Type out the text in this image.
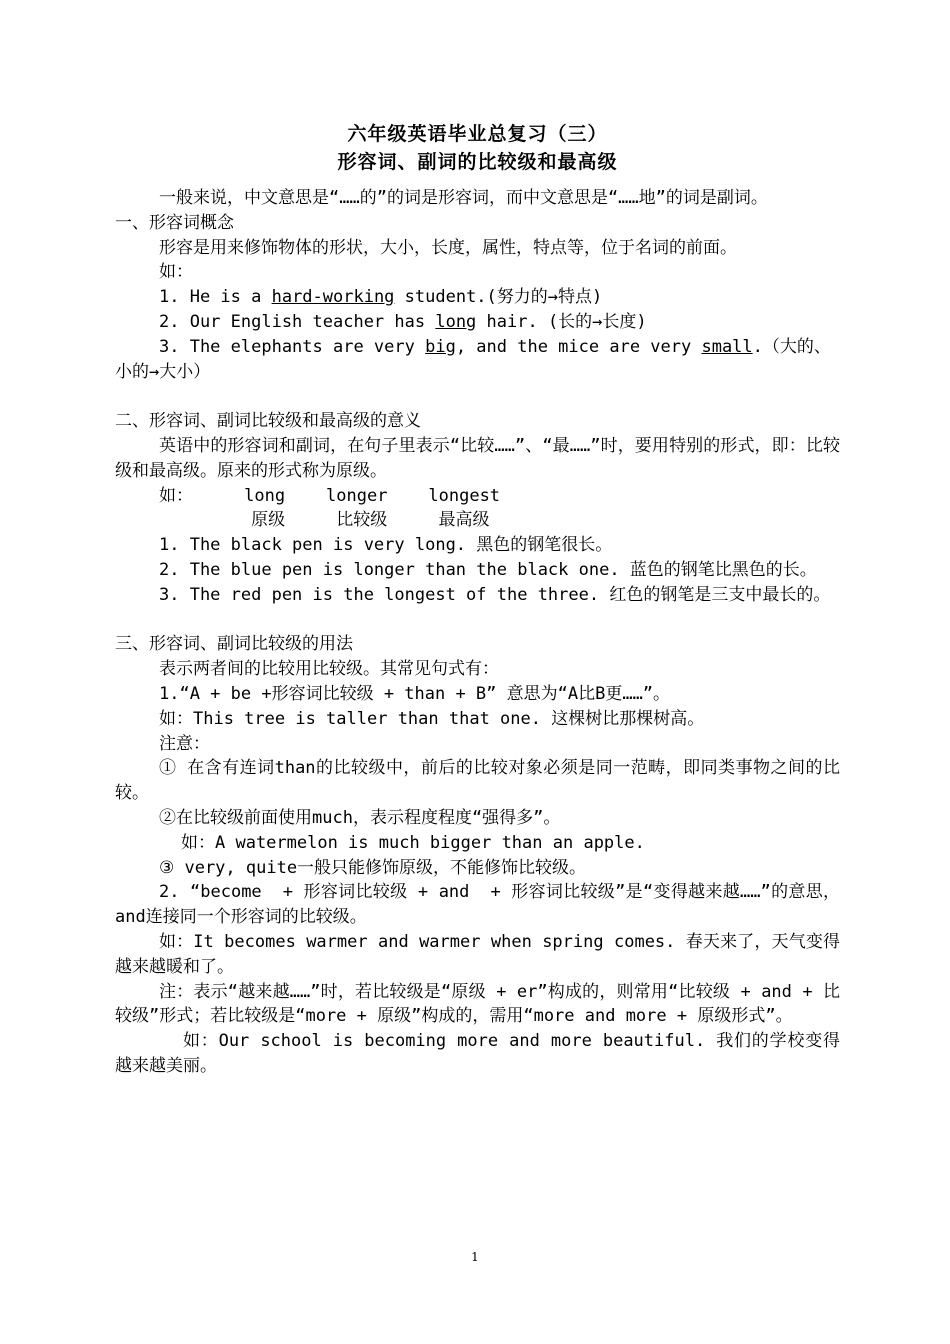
六年级英语毕业总复习（三）
形容词、副词的比较级和最高级
一般来说，中文意思是“……的”的词是形容词，而中文意思是“……地”的词是副词。
一、形容词概念
形容是用来修饰物体的形状，大小，长度，属性，特点等，位于名词的前面。
如：
1. He is a hard-working student.(努力的→特点)
2. Our English teacher has long hair. (长的→长度)
3. The elephants are very big, and the mice are very small.（大的、小的→大小）
二、形容词、副词比较级和最高级的意义
英语中的形容词和副词，在句子里表示“比较……”、“最……”时，要用特别的形式，即：比较级和最高级。原来的形式称为原级。
如：     long    longer    longest
原级     比较级     最高级
1. The black pen is very long. 黑色的钢笔很长。
2. The blue pen is longer than the black one. 蓝色的钢笔比黑色的长。
3. The red pen is the longest of the three. 红色的钢笔是三支中最长的。
三、形容词、副词比较级的用法
表示两者间的比较用比较级。其常见句式有：
1.“A + be +形容词比较级 + than + B” 意思为“A比B更……”。
如：This tree is taller than that one. 这棵树比那棵树高。
注意：
① 在含有连词than的比较级中，前后的比较对象必须是同一范畴，即同类事物之间的比较。
②在比较级前面使用much，表示程度程度“强得多”。
如：A watermelon is much bigger than an apple.
③ very, quite一般只能修饰原级，不能修饰比较级。
2. “become  + 形容词比较级 + and  + 形容词比较级”是“变得越来越……”的意思，and连接同一个形容词的比较级。
如：It becomes warmer and warmer when spring comes. 春天来了，天气变得越来越暖和了。
注：表示“越来越……”时，若比较级是“原级 + er”构成的，则常用“比较级 + and + 比较级”形式；若比较级是“more + 原级”构成的，需用“more and more + 原级形式”。
如：Our school is becoming more and more beautiful. 我们的学校变得越来越美丽。
1
